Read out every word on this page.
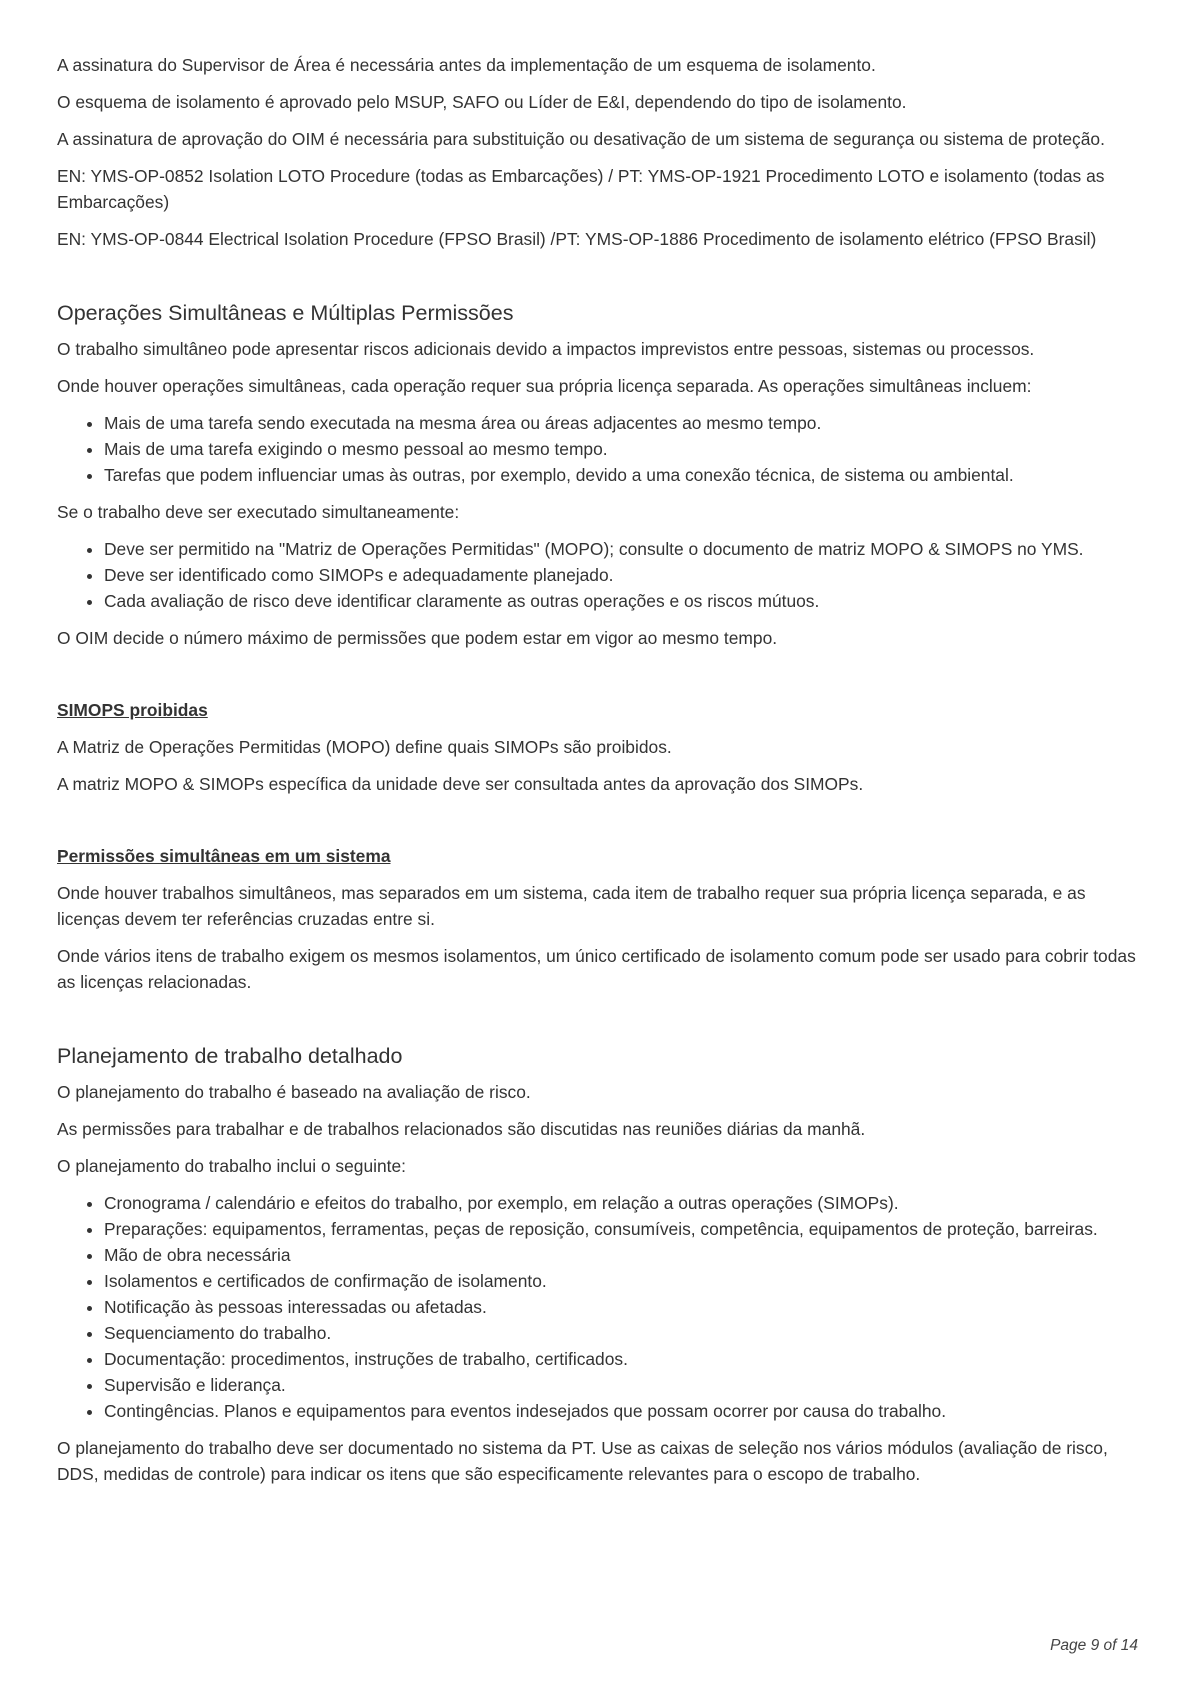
A assinatura do Supervisor de Área é necessária antes da implementação de um esquema de isolamento.

O esquema de isolamento é aprovado pelo MSUP, SAFO ou Líder de E&I, dependendo do tipo de isolamento.

A assinatura de aprovação do OIM é necessária para substituição ou desativação de um sistema de segurança ou sistema de proteção.

EN: YMS-OP-0852 Isolation LOTO Procedure (todas as Embarcações) / PT: YMS-OP-1921 Procedimento LOTO e isolamento (todas as Embarcações)

EN: YMS-OP-0844 Electrical Isolation Procedure (FPSO Brasil) /PT: YMS-OP-1886 Procedimento de isolamento elétrico (FPSO Brasil)

Operações Simultâneas e Múltiplas Permissões

O trabalho simultâneo pode apresentar riscos adicionais devido a impactos imprevistos entre pessoas, sistemas ou processos.

Onde houver operações simultâneas, cada operação requer sua própria licença separada. As operações simultâneas incluem:

• Mais de uma tarefa sendo executada na mesma área ou áreas adjacentes ao mesmo tempo.
• Mais de uma tarefa exigindo o mesmo pessoal ao mesmo tempo.
• Tarefas que podem influenciar umas às outras, por exemplo, devido a uma conexão técnica, de sistema ou ambiental.

Se o trabalho deve ser executado simultaneamente:

• Deve ser permitido na "Matriz de Operações Permitidas" (MOPO); consulte o documento de matriz MOPO & SIMOPS no YMS.
• Deve ser identificado como SIMOPs e adequadamente planejado.
• Cada avaliação de risco deve identificar claramente as outras operações e os riscos mútuos.

O OIM decide o número máximo de permissões que podem estar em vigor ao mesmo tempo.

SIMOPS proibidas

A Matriz de Operações Permitidas (MOPO) define quais SIMOPs são proibidos.

A matriz MOPO & SIMOPs específica da unidade deve ser consultada antes da aprovação dos SIMOPs.

Permissões simultâneas em um sistema

Onde houver trabalhos simultâneos, mas separados em um sistema, cada item de trabalho requer sua própria licença separada, e as licenças devem ter referências cruzadas entre si.

Onde vários itens de trabalho exigem os mesmos isolamentos, um único certificado de isolamento comum pode ser usado para cobrir todas as licenças relacionadas.

Planejamento de trabalho detalhado

O planejamento do trabalho é baseado na avaliação de risco.

As permissões para trabalhar e de trabalhos relacionados são discutidas nas reuniões diárias da manhã.

O planejamento do trabalho inclui o seguinte:

• Cronograma / calendário e efeitos do trabalho, por exemplo, em relação a outras operações (SIMOPs).
• Preparações: equipamentos, ferramentas, peças de reposição, consumíveis, competência, equipamentos de proteção, barreiras.
• Mão de obra necessária
• Isolamentos e certificados de confirmação de isolamento.
• Notificação às pessoas interessadas ou afetadas.
• Sequenciamento do trabalho.
• Documentação: procedimentos, instruções de trabalho, certificados.
• Supervisão e liderança.
• Contingências. Planos e equipamentos para eventos indesejados que possam ocorrer por causa do trabalho.

O planejamento do trabalho deve ser documentado no sistema da PT. Use as caixas de seleção nos vários módulos (avaliação de risco, DDS, medidas de controle) para indicar os itens que são especificamente relevantes para o escopo de trabalho.

Page 9 of 14
